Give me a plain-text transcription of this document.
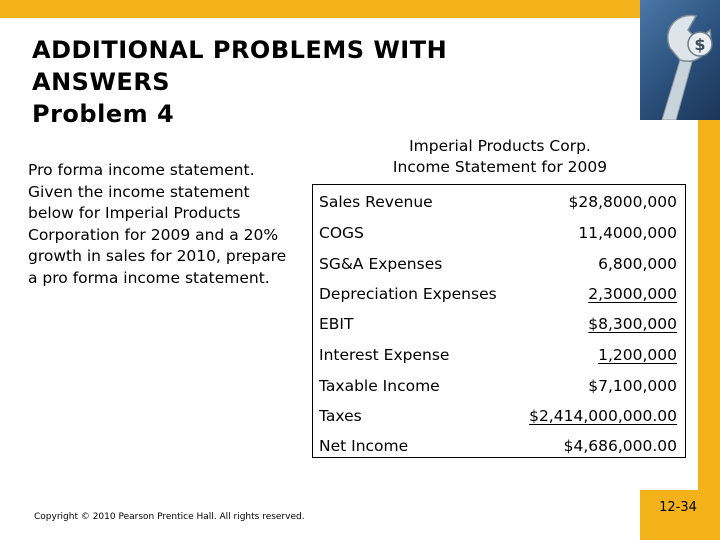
$
ADDITIONAL PROBLEMS WITH
ANSWERS
Problem 4
Pro forma income statement. Given the income statement below for Imperial Products Corporation for 2009 and a 20% growth in sales for 2010, prepare a pro forma income statement.
Imperial Products Corp.
Income Statement for 2009
Sales Revenue	$28,8000,000
COGS	11,4000,000
SG&A Expenses	6,800,000
Depreciation Expenses	2,3000,000
EBIT	$8,300,000
Interest Expense	1,200,000
Taxable Income	$7,100,000
Taxes	$2,414,000,000.00
Net Income	$4,686,000.00
Copyright © 2010 Pearson Prentice Hall. All rights reserved.
12-34
